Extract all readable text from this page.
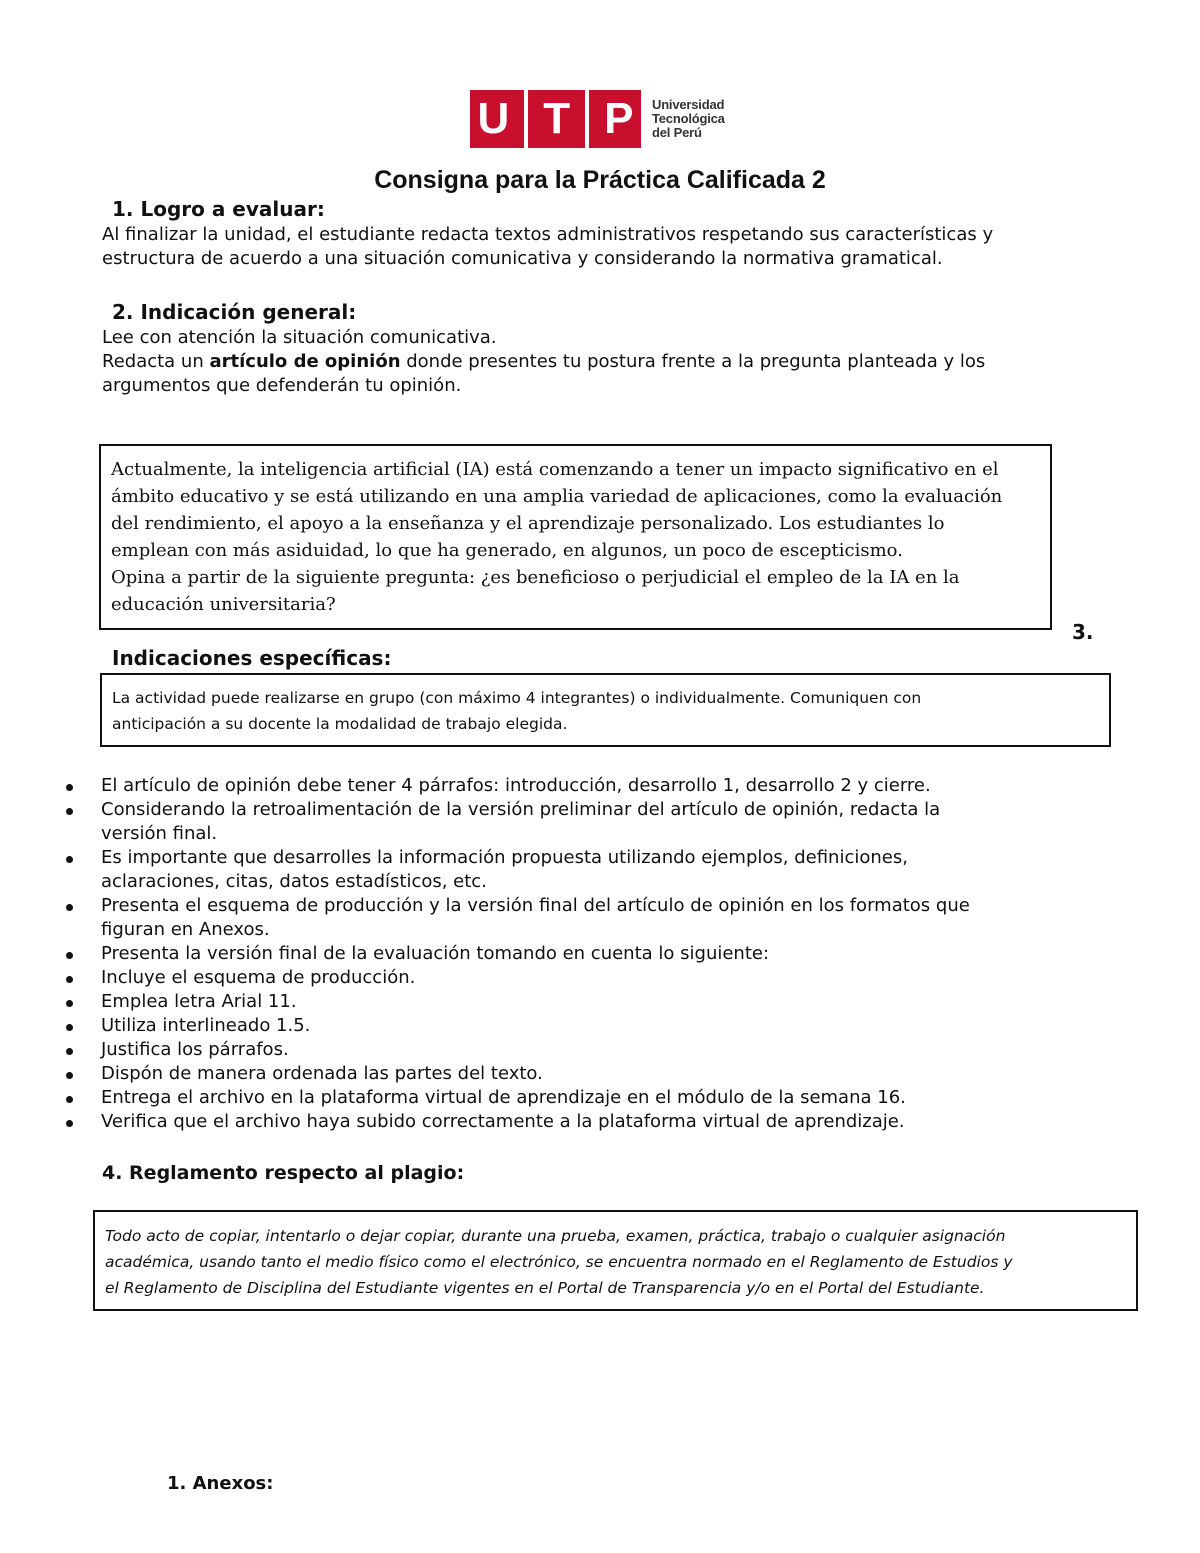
U T P Universidad
Tecnológica
del Perú
Consigna para la Práctica Calificada 2
1. Logro a evaluar:
Al finalizar la unidad, el estudiante redacta textos administrativos respetando sus características y
estructura de acuerdo a una situación comunicativa y considerando la normativa gramatical.
2. Indicación general:
Lee con atención la situación comunicativa.
Redacta un artículo de opinión donde presentes tu postura frente a la pregunta planteada y los
argumentos que defenderán tu opinión.
Actualmente, la inteligencia artificial (IA) está comenzando a tener un impacto significativo en el
ámbito educativo y se está utilizando en una amplia variedad de aplicaciones, como la evaluación
del rendimiento, el apoyo a la enseñanza y el aprendizaje personalizado. Los estudiantes lo
emplean con más asiduidad, lo que ha generado, en algunos, un poco de escepticismo.
Opina a partir de la siguiente pregunta: ¿es beneficioso o perjudicial el empleo de la IA en la
educación universitaria?
3.
Indicaciones específicas:
La actividad puede realizarse en grupo (con máximo 4 integrantes) o individualmente. Comuniquen con
anticipación a su docente la modalidad de trabajo elegida.
El artículo de opinión debe tener 4 párrafos: introducción, desarrollo 1, desarrollo 2 y cierre.
Considerando la retroalimentación de la versión preliminar del artículo de opinión, redacta la
versión final.
Es importante que desarrolles la información propuesta utilizando ejemplos, definiciones,
aclaraciones, citas, datos estadísticos, etc.
Presenta el esquema de producción y la versión final del artículo de opinión en los formatos que
figuran en Anexos.
Presenta la versión final de la evaluación tomando en cuenta lo siguiente:
Incluye el esquema de producción.
Emplea letra Arial 11.
Utiliza interlineado 1.5.
Justifica los párrafos.
Dispón de manera ordenada las partes del texto.
Entrega el archivo en la plataforma virtual de aprendizaje en el módulo de la semana 16.
Verifica que el archivo haya subido correctamente a la plataforma virtual de aprendizaje.
4. Reglamento respecto al plagio:
Todo acto de copiar, intentarlo o dejar copiar, durante una prueba, examen, práctica, trabajo o cualquier asignación
académica, usando tanto el medio físico como el electrónico, se encuentra normado en el Reglamento de Estudios y
el Reglamento de Disciplina del Estudiante vigentes en el Portal de Transparencia y/o en el Portal del Estudiante.
1. Anexos:
